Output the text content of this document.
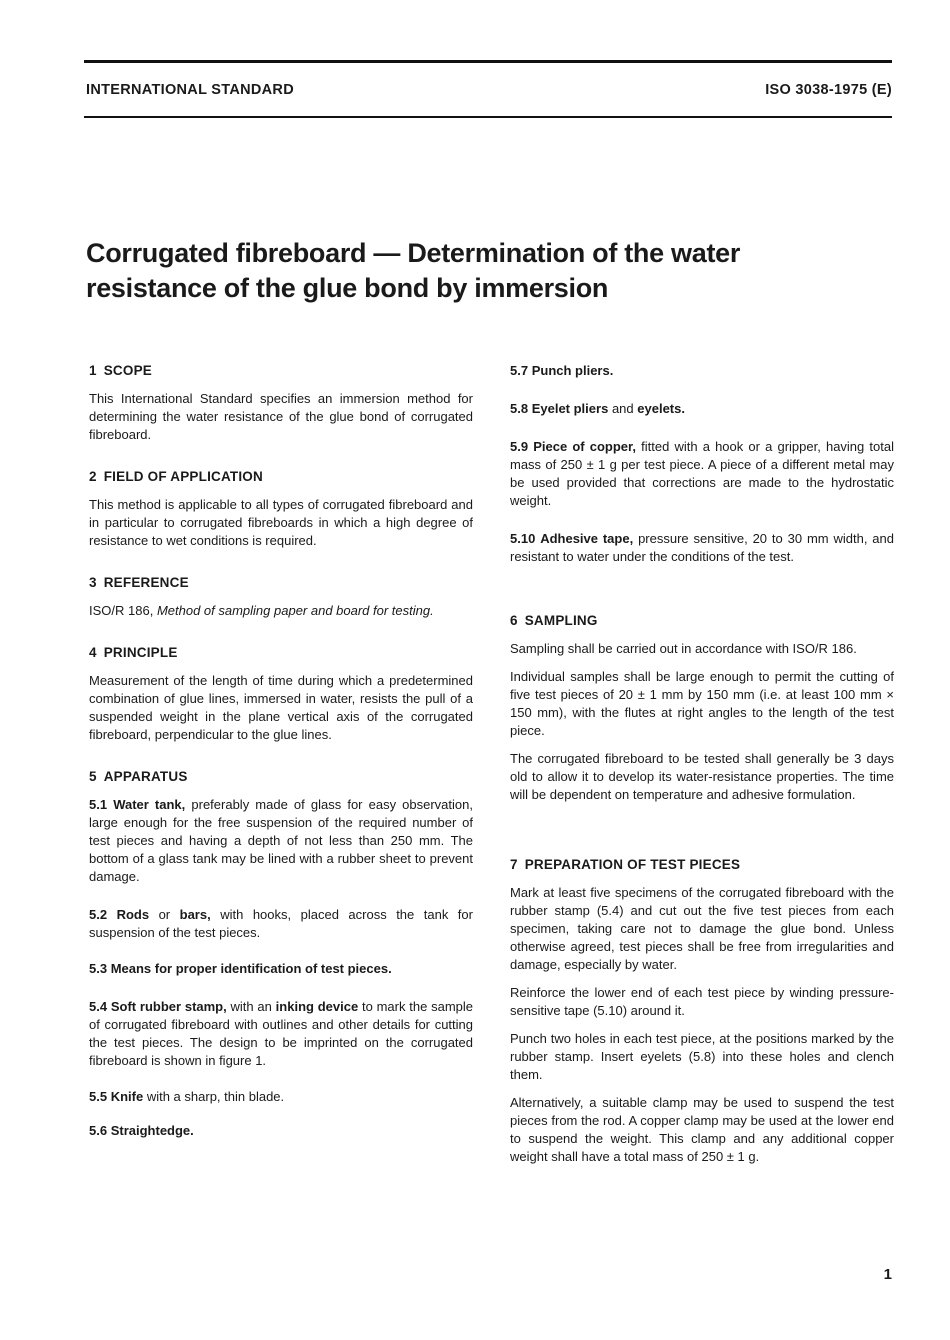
INTERNATIONAL STANDARD	ISO 3038-1975 (E)
Corrugated fibreboard — Determination of the water
resistance of the glue bond by immersion
1 SCOPE

This International Standard specifies an immersion method for determining the water resistance of the glue bond of corrugated fibreboard.

2 FIELD OF APPLICATION

This method is applicable to all types of corrugated fibreboard and in particular to corrugated fibreboards in which a high degree of resistance to wet conditions is required.

3 REFERENCE

ISO/R 186, Method of sampling paper and board for testing.

4 PRINCIPLE

Measurement of the length of time during which a predetermined combination of glue lines, immersed in water, resists the pull of a suspended weight in the plane vertical axis of the corrugated fibreboard, perpendicular to the glue lines.

5 APPARATUS

5.1 Water tank, preferably made of glass for easy observation, large enough for the free suspension of the required number of test pieces and having a depth of not less than 250 mm. The bottom of a glass tank may be lined with a rubber sheet to prevent damage.

5.2 Rods or bars, with hooks, placed across the tank for suspension of the test pieces.

5.3 Means for proper identification of test pieces.

5.4 Soft rubber stamp, with an inking device to mark the sample of corrugated fibreboard with outlines and other details for cutting the test pieces. The design to be imprinted on the corrugated fibreboard is shown in figure 1.

5.5 Knife with a sharp, thin blade.

5.6 Straightedge.

5.7 Punch pliers.

5.8 Eyelet pliers and eyelets.

5.9 Piece of copper, fitted with a hook or a gripper, having total mass of 250 ± 1 g per test piece. A piece of a different metal may be used provided that corrections are made to the hydrostatic weight.

5.10 Adhesive tape, pressure sensitive, 20 to 30 mm width, and resistant to water under the conditions of the test.

6 SAMPLING

Sampling shall be carried out in accordance with ISO/R 186.

Individual samples shall be large enough to permit the cutting of five test pieces of 20 ± 1 mm by 150 mm (i.e. at least 100 mm × 150 mm), with the flutes at right angles to the length of the test piece.

The corrugated fibreboard to be tested shall generally be 3 days old to allow it to develop its water-resistance properties. The time will be dependent on temperature and adhesive formulation.

7 PREPARATION OF TEST PIECES

Mark at least five specimens of the corrugated fibreboard with the rubber stamp (5.4) and cut out the five test pieces from each specimen, taking care not to damage the glue bond. Unless otherwise agreed, test pieces shall be free from irregularities and damage, especially by water.

Reinforce the lower end of each test piece by winding pressure-sensitive tape (5.10) around it.

Punch two holes in each test piece, at the positions marked by the rubber stamp. Insert eyelets (5.8) into these holes and clench them.

Alternatively, a suitable clamp may be used to suspend the test pieces from the rod. A copper clamp may be used at the lower end to suspend the weight. This clamp and any additional copper weight shall have a total mass of 250 ± 1 g.

1
